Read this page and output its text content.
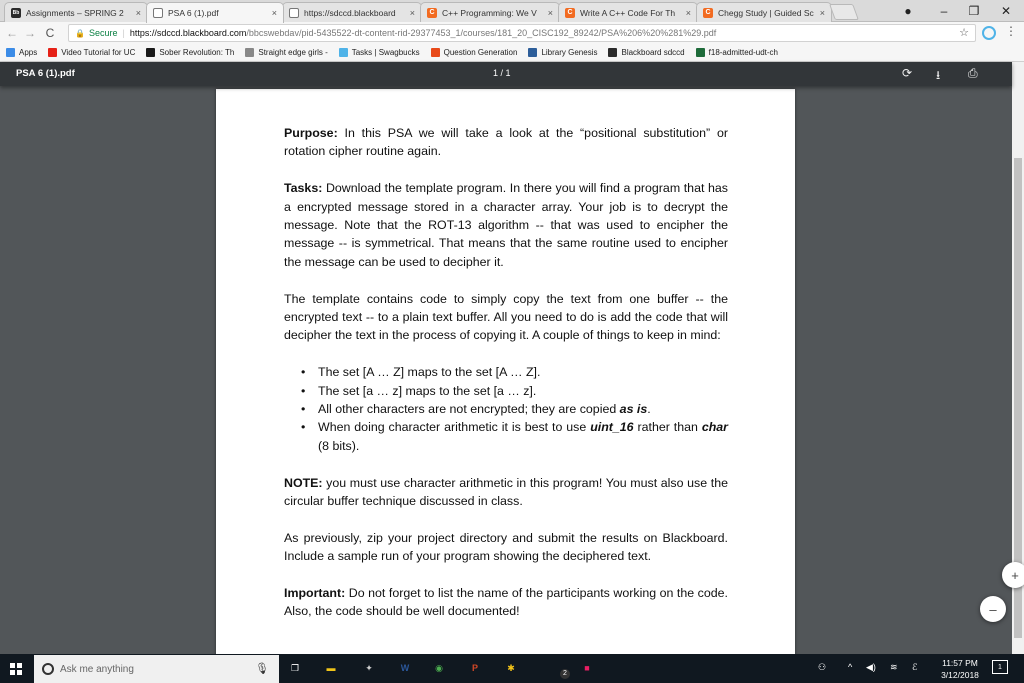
Bb Assignments – SPRING 2	×	PSA 6 (1).pdf	×	https://sdccd.blackboard	×	C C++ Programming: We V	×	C Write A C++ Code For Th	×	C Chegg Study | Guided Sc ×	●	–	❐	✕
← → C	🔒 Secure | https://sdccd.blackboard.com /bbcswebdav/pid-5435522-dt-content-rid-29377453_1/courses/181_20_CISC192_89242/PSA%206%20%281%29.pdf	☆	⋮
Apps	Video Tutorial for UC	Sober Revolution: Th	Straight edge girls -	Tasks | Swagbucks	Question Generation	Library Genesis	Blackboard sdccd	f18-admitted-udt-ch
PSA 6 (1).pdf	1 / 1	⟳ ⭳ ⎙

Purpose: In this PSA we will take a look at the “positional substitution” or rotation cipher routine again.

Tasks: Download the template program. In there you will find a program that has a encrypted message stored in a character array. Your job is to decrypt the message. Note that the ROT-13 algorithm -- that was used to encipher the message -- is symmetrical. That means that the same routine used to encipher the message can be used to decipher it.

The template contains code to simply copy the text from one buffer -- the encrypted text -- to a plain text buffer. All you need to do is add the code that will decipher the text in the process of copying it. A couple of things to keep in mind:

• The set [A … Z] maps to the set [A … Z].
• The set [a … z] maps to the set [a … z].
• All other characters are not encrypted; they are copied as is.
• When doing character arithmetic it is best to use uint_16 rather than char (8 bits).

NOTE: you must use character arithmetic in this program! You must also use the circular buffer technique discussed in class.

As previously, zip your project directory and submit the results on Blackboard. Include a sample run of your program showing the deciphered text.

Important: Do not forget to list the name of the participants working on the code. Also, the code should be well documented!

+
–
Ask me anything	🎙	❐	▬	✦	W	◉	P	✱	■
2
⚇ ^ ◀) ≋ ℰ	11:57 PM
3/12/2018
1
